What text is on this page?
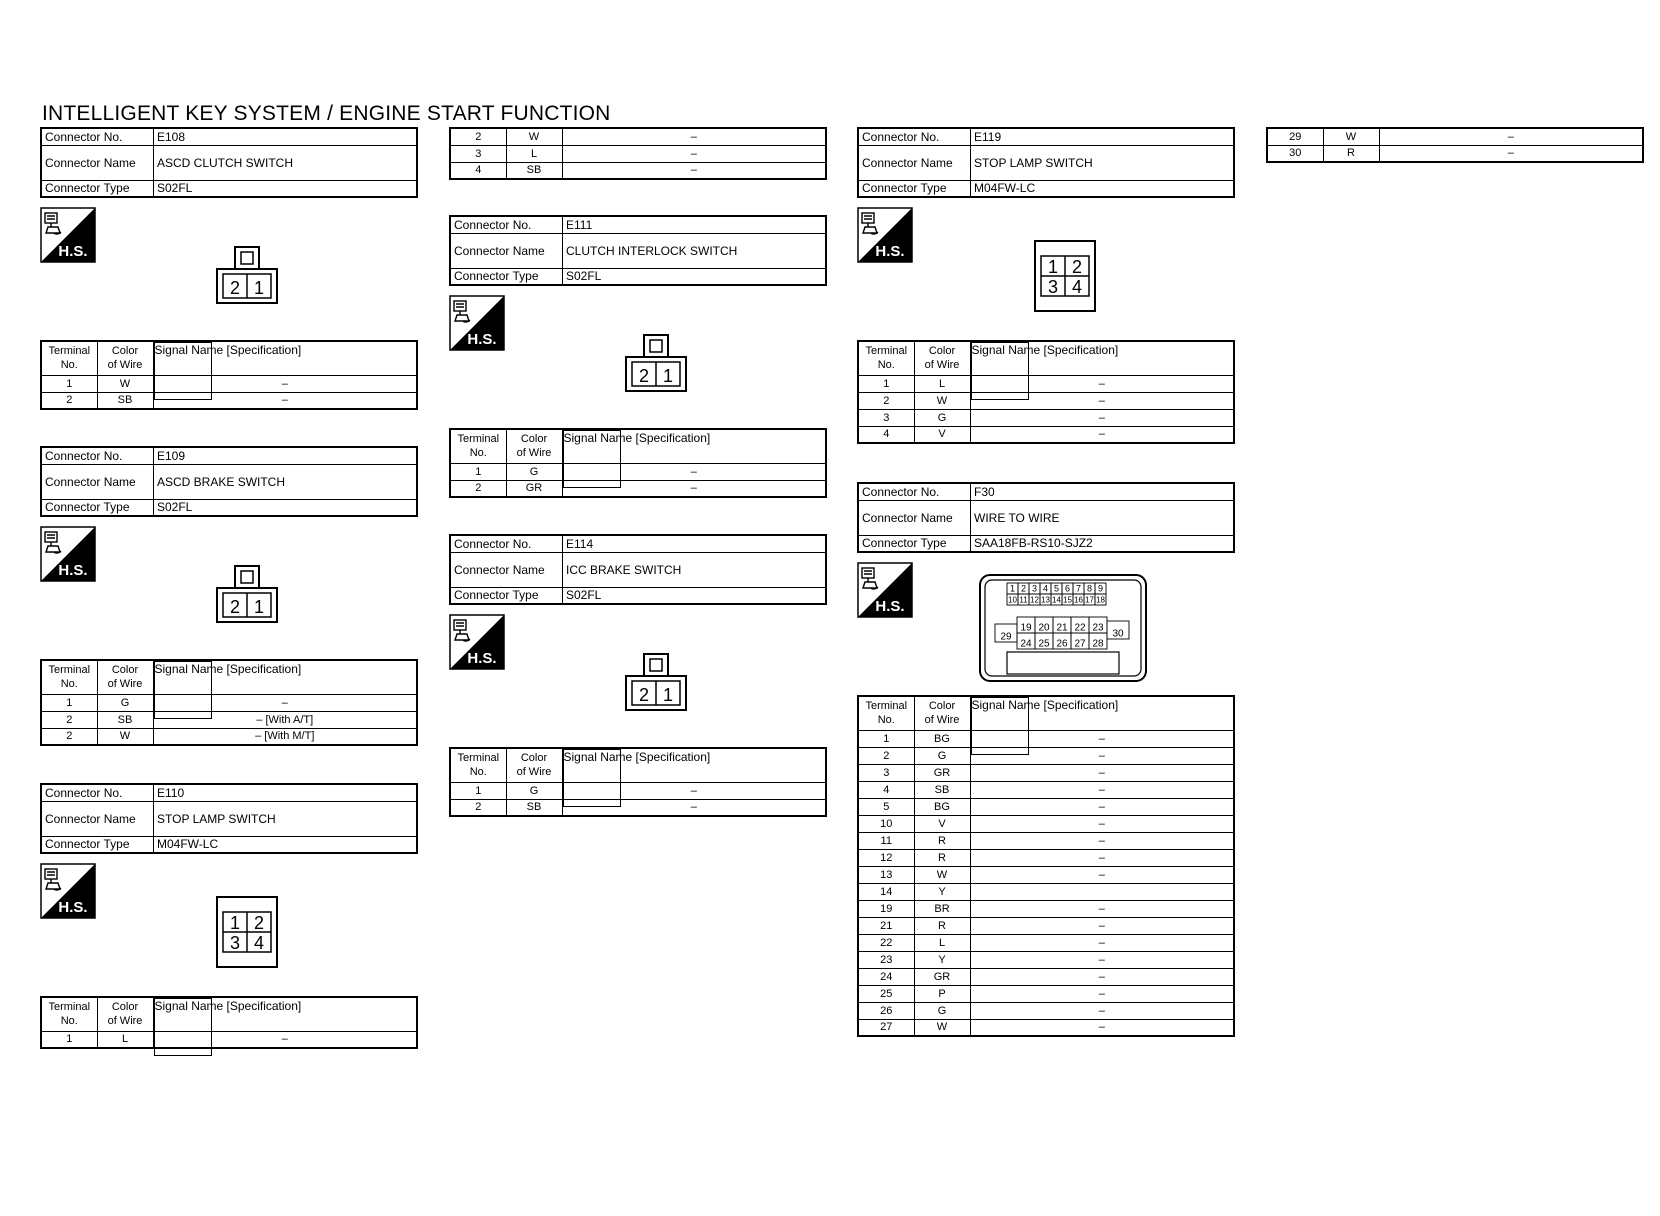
INTELLIGENT KEY SYSTEM / ENGINE START FUNCTION
Connector No.	E108
Connector Name	ASCD CLUTCH SWITCH
Connector Type	S02FL
H.S.
2 1
Terminal
No.	Color
of Wire	
Signal Name [Specification]

1	W	–
2	SB	–
Connector No.	E109
Connector Name	ASCD BRAKE SWITCH
Connector Type	S02FL
H.S.
2 1
Terminal
No.	Color
of Wire	
Signal Name [Specification]

1	G	–
2	SB	– [With A/T]
2	W	– [With M/T]
Connector No.	E110
Connector Name	STOP LAMP SWITCH
Connector Type	M04FW-LC
H.S.
1 2
3 4
Terminal
No.	Color
of Wire	
Signal Name [Specification]

1	L	–
2	W	–
3	L	–
4	SB	–
Connector No.	E111
Connector Name	CLUTCH INTERLOCK SWITCH
Connector Type	S02FL
H.S.
2 1
Terminal
No.	Color
of Wire	
Signal Name [Specification]

1	G	–
2	GR	–
Connector No.	E114
Connector Name	ICC BRAKE SWITCH
Connector Type	S02FL
H.S.
2 1
Terminal
No.	Color
of Wire	
Signal Name [Specification]

1	G	–
2	SB	–
Connector No.	E119
Connector Name	STOP LAMP SWITCH
Connector Type	M04FW-LC
H.S.
1 2
3 4
Terminal
No.	Color
of Wire	
Signal Name [Specification]

1	L	–
2	W	–
3	G	–
4	V	–
Connector No.	F30
Connector Name	WIRE TO WIRE
Connector Type	SAA18FB-RS10-SJZ2
H.S.
1
10
2
11
3
12
4
13
5
14
6
15
7
16
8
17
9
18
19
24
20
25
21
26
22
27
23
28
29	30
Terminal
No.	Color
of Wire	
Signal Name [Specification]

1	BG	–
2	G	–
3	GR	–
4	SB	–
5	BG	–
10	V	–
11	R	–
12	R	–
13	W	–
14	Y	
19	BR	–
21	R	–
22	L	–
23	Y	–
24	GR	–
25	P	–
26	G	–
27	W	–
29	W	–
30	R	–
